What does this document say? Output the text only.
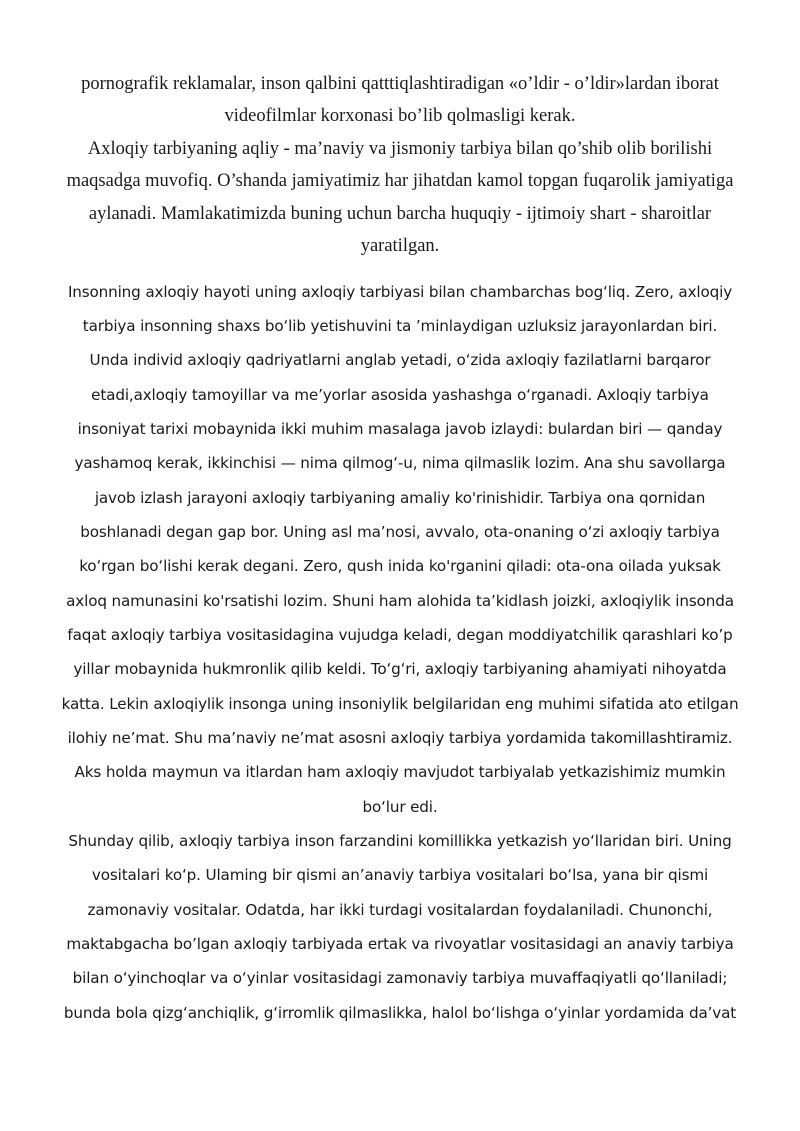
pornografik reklamalar, inson qalbini qatttiqlashtiradigan «o’ldir - o’ldir»lardan iborat
videofilmlar korxonasi bo’lib qolmasligi kerak.
Axloqiy tarbiyaning aqliy - ma’naviy va jismoniy tarbiya bilan qo’shib olib borilishi
maqsadga muvofiq. O’shanda jamiyatimiz har jihatdan kamol topgan fuqarolik jamiyatiga
aylanadi. Mamlakatimizda buning uchun barcha huquqiy - ijtimoiy shart - sharoitlar
yaratilgan.
Insonning axloqiy hayoti uning axloqiy tarbiyasi bilan chambarchas bogʻliq. Zero, axloqiy
tarbiya insonning shaxs boʻlib yetishuvini ta ’minlaydigan uzluksiz jarayonlardan biri.
Unda individ axloqiy qadriyatlarni anglab yetadi, oʻzida axloqiy fazilatlarni barqaror
etadi,axloqiy tamoyillar va meʼyorlar asosida yashashga oʻrganadi. Axloqiy tarbiya
insoniyat tarixi mobaynida ikki muhim masalaga javob izlaydi: bulardan biri — qanday
yashamoq kerak, ikkinchisi — nima qilmogʻ-u, nima qilmaslik lozim. Ana shu savollarga
javob izlash jarayoni axloqiy tarbiyaning amaliy ko'rinishidir. Tarbiya ona qornidan
boshlanadi degan gap bor. Uning asl maʼnosi, avvalo, ota-onaning oʻzi axloqiy tarbiya
koʻrgan boʻlishi kerak degani. Zero, qush inida ko'rganini qiladi: ota-ona oilada yuksak
axloq namunasini ko'rsatishi lozim. Shuni ham alohida taʼkidlash joizki, axloqiylik insonda
faqat axloqiy tarbiya vositasidagina vujudga keladi, degan moddiyatchilik qarashlari ko’p
yillar mobaynida hukmronlik qilib keldi. Toʻgʻri, axloqiy tarbiyaning ahamiyati nihoyatda
katta. Lekin axloqiylik insonga uning insoniylik belgilaridan eng muhimi sifatida ato etilgan
ilohiy neʼmat. Shu maʼnaviy neʼmat asosni axloqiy tarbiya yordamida takomillashtiramiz.
Aks holda maymun va itlardan ham axloqiy mavjudot tarbiyalab yetkazishimiz mumkin
boʻlur edi.
Shunday qilib, axloqiy tarbiya inson farzandini komillikka yetkazish yoʻllaridan biri. Uning
vositalari koʻp. Ulaming bir qismi anʼanaviy tarbiya vositalari boʻlsa, yana bir qismi
zamonaviy vositalar. Odatda, har ikki turdagi vositalardan foydalaniladi. Chunonchi,
maktabgacha bo’lgan axloqiy tarbiyada ertak va rivoyatlar vositasidagi an anaviy tarbiya
bilan oʻyinchoqlar va oʻyinlar vositasidagi zamonaviy tarbiya muvaffaqiyatli qoʻllaniladi;
bunda bola qizgʻanchiqlik, gʻirromlik qilmaslikka, halol boʻlishga oʻyinlar yordamida daʼvat
